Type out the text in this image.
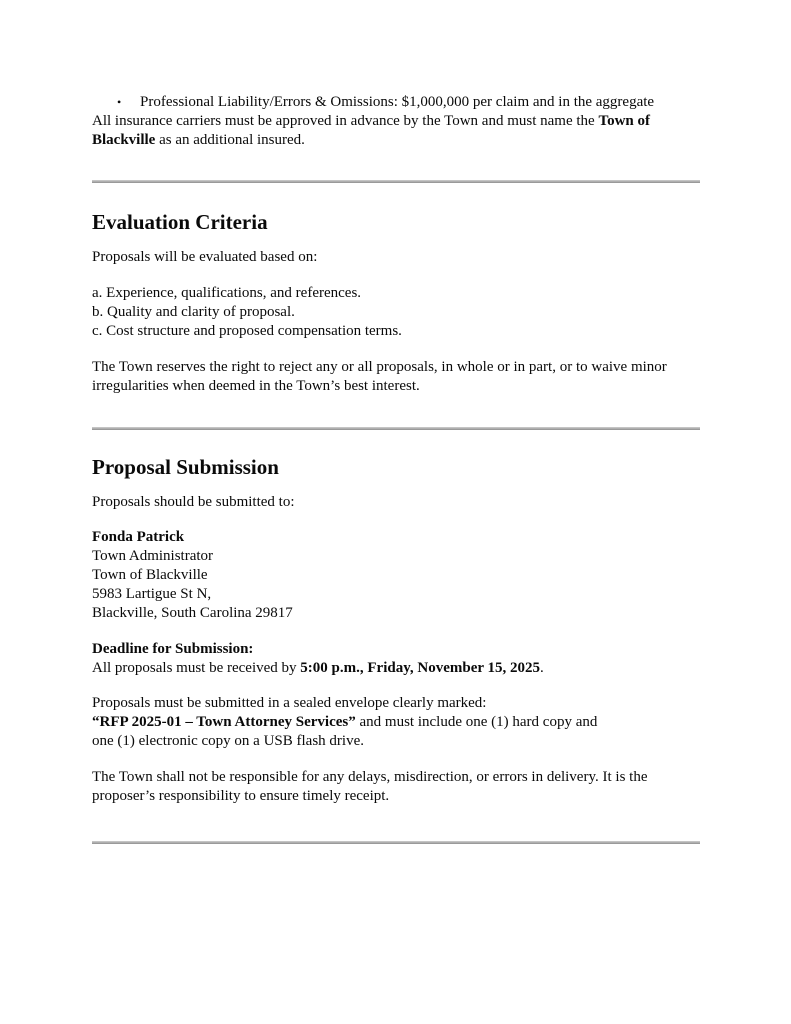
• Professional Liability/Errors & Omissions: $1,000,000 per claim and in the aggregate
All insurance carriers must be approved in advance by the Town and must name the Town of
Blackville as an additional insured.
Evaluation Criteria
Proposals will be evaluated based on:
a. Experience, qualifications, and references.
b. Quality and clarity of proposal.
c. Cost structure and proposed compensation terms.
The Town reserves the right to reject any or all proposals, in whole or in part, or to waive minor
irregularities when deemed in the Town’s best interest.
Proposal Submission
Proposals should be submitted to:
Fonda Patrick
Town Administrator
Town of Blackville
5983 Lartigue St N,
Blackville, South Carolina 29817
Deadline for Submission:
All proposals must be received by 5:00 p.m., Friday, November 15, 2025.
Proposals must be submitted in a sealed envelope clearly marked:
“RFP 2025-01 – Town Attorney Services” and must include one (1) hard copy and
one (1) electronic copy on a USB flash drive.
The Town shall not be responsible for any delays, misdirection, or errors in delivery. It is the
proposer’s responsibility to ensure timely receipt.
